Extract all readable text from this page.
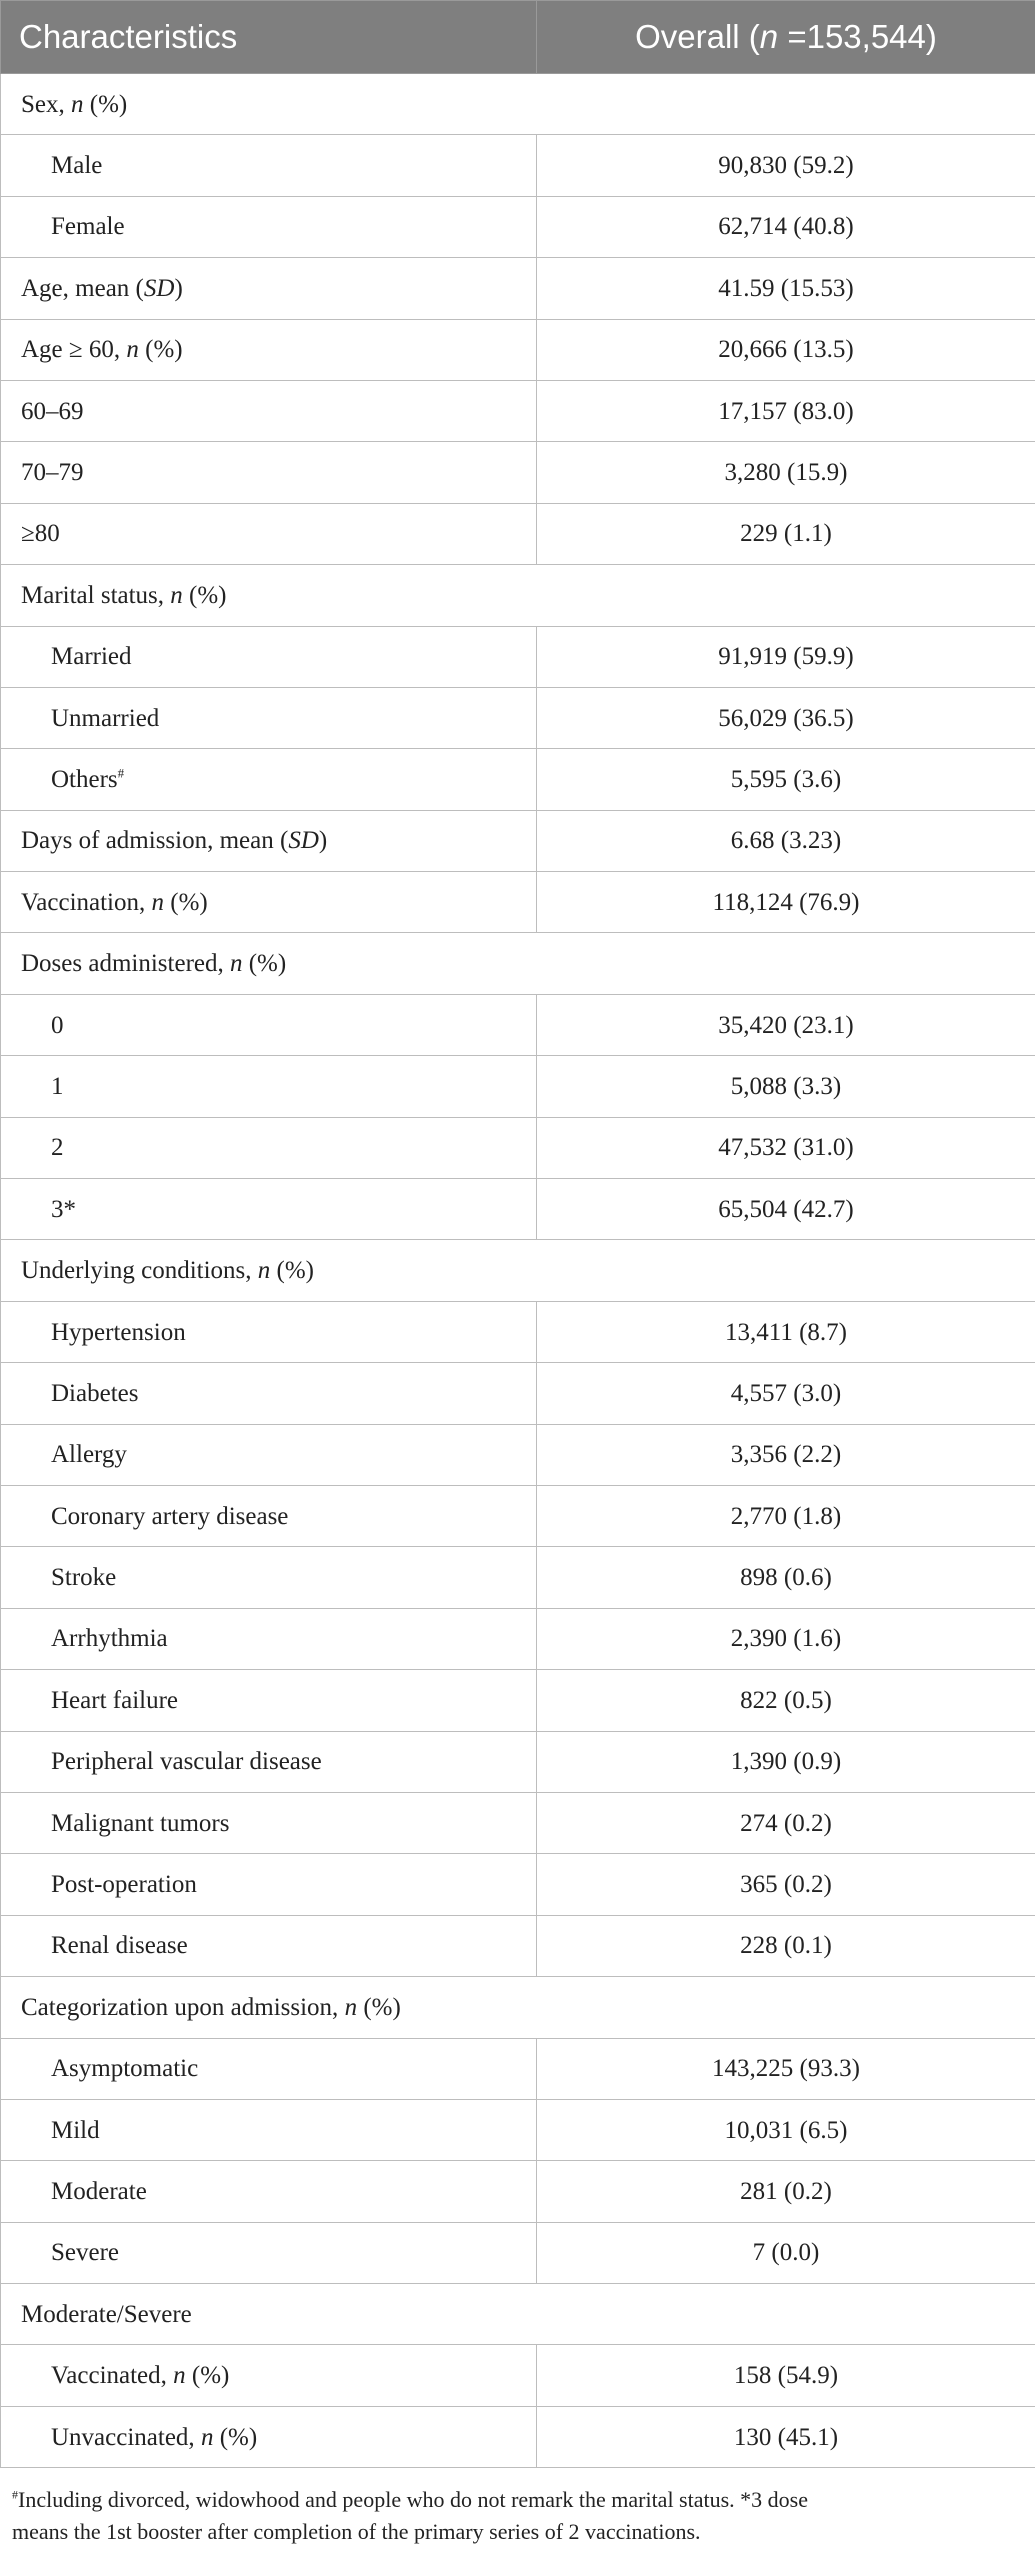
Characteristics	Overall (n =153,544)
Sex, n (%)	
Male	90,830 (59.2)
Female	62,714 (40.8)
Age, mean (SD)	41.59 (15.53)
Age ≥ 60, n (%)	20,666 (13.5)
60–69	17,157 (83.0)
70–79	3,280 (15.9)
≥80	229 (1.1)
Marital status, n (%)	
Married	91,919 (59.9)
Unmarried	56,029 (36.5)
Others#	5,595 (3.6)
Days of admission, mean (SD)	6.68 (3.23)
Vaccination, n (%)	118,124 (76.9)
Doses administered, n (%)	
0	35,420 (23.1)
1	5,088 (3.3)
2	47,532 (31.0)
3*	65,504 (42.7)
Underlying conditions, n (%)	
Hypertension	13,411 (8.7)
Diabetes	4,557 (3.0)
Allergy	3,356 (2.2)
Coronary artery disease	2,770 (1.8)
Stroke	898 (0.6)
Arrhythmia	2,390 (1.6)
Heart failure	822 (0.5)
Peripheral vascular disease	1,390 (0.9)
Malignant tumors	274 (0.2)
Post-operation	365 (0.2)
Renal disease	228 (0.1)
Categorization upon admission, n (%)	
Asymptomatic	143,225 (93.3)
Mild	10,031 (6.5)
Moderate	281 (0.2)
Severe	7 (0.0)
Moderate/Severe	
Vaccinated, n (%)	158 (54.9)
Unvaccinated, n (%)	130 (45.1)
#Including divorced, widowhood and people who do not remark the marital status. *3 dose
means the 1st booster after completion of the primary series of 2 vaccinations.
